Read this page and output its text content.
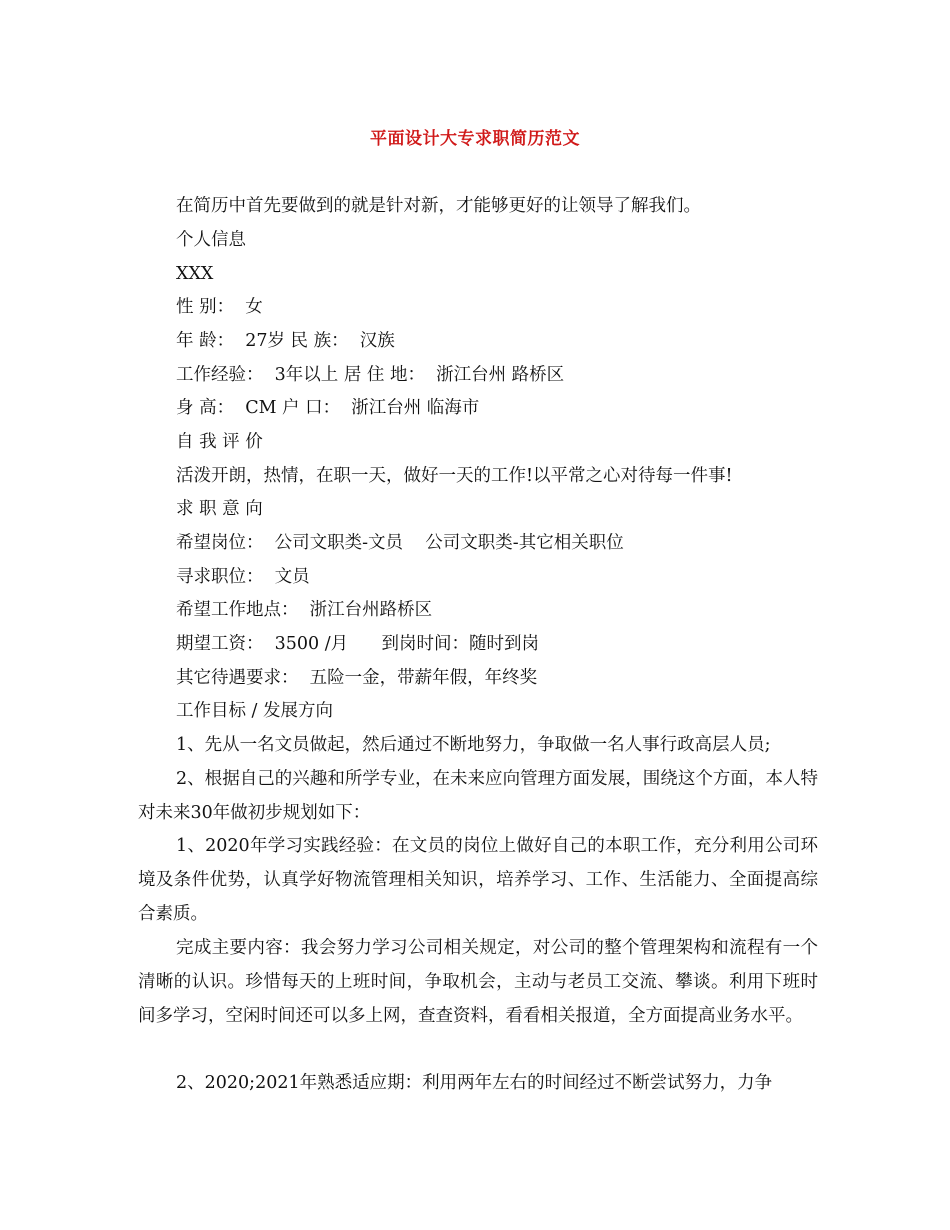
平面设计大专求职简历范文
在简历中首先要做到的就是针对新，才能够更好的让领导了解我们。
个人信息
XXX
性 别：  女
年 龄：  27岁 民 族：  汉族
工作经验：  3年以上 居 住 地：  浙江台州 路桥区
身 高：  CM 户 口：  浙江台州 临海市
自 我 评 价
活泼开朗，热情，在职一天，做好一天的工作!以平常之心对待每一件事!
求 职 意 向
希望岗位：  公司文职类-文员    公司文职类-其它相关职位
寻求职位：  文员
希望工作地点：  浙江台州路桥区
期望工资：  3500 /月      到岗时间：随时到岗
其它待遇要求：  五险一金，带薪年假，年终奖
工作目标 / 发展方向
1、先从一名文员做起，然后通过不断地努力，争取做一名人事行政高层人员;
2、根据自己的兴趣和所学专业，在未来应向管理方面发展，围绕这个方面，本人特对未来30年做初步规划如下：
1、2020年学习实践经验：在文员的岗位上做好自己的本职工作，充分利用公司环境及条件优势，认真学好物流管理相关知识，培养学习、工作、生活能力、全面提高综合素质。
完成主要内容：我会努力学习公司相关规定，对公司的整个管理架构和流程有一个清晰的认识。珍惜每天的上班时间，争取机会，主动与老员工交流、攀谈。利用下班时间多学习，空闲时间还可以多上网，查查资料，看看相关报道，全方面提高业务水平。
2、2020;2021年熟悉适应期：利用两年左右的时间经过不断尝试努力，力争
